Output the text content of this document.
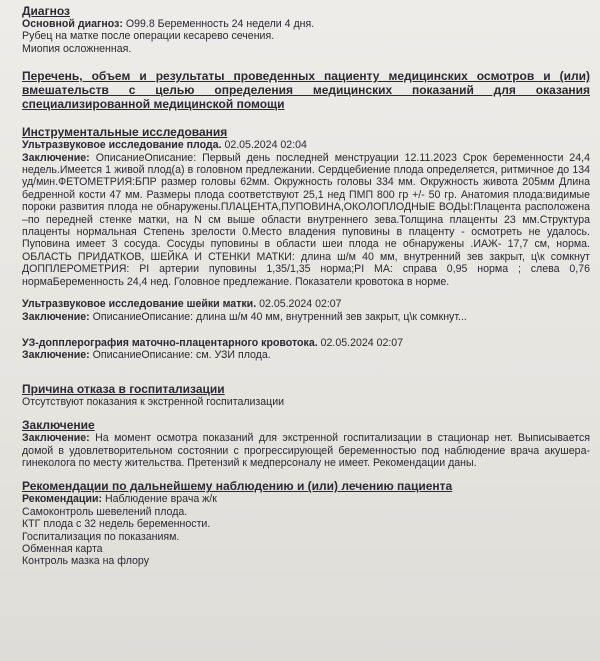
Диагноз
Основной диагноз: O99.8 Беременность 24 недели 4 дня.
Рубец на матке после операции кесарево сечения.
Миопия осложненная.
Перечень, объем и результаты проведенных пациенту медицинских осмотров и (или) вмешательств с целью определения медицинских показаний для оказания специализированной медицинской помощи
Инструментальные исследования
Ультразвуковое исследование плода. 02.05.2024 02:04
Заключение: ОписаниеОписание: Первый день последней менструации 12.11.2023 Срок беременности 24,4 недель.Имеется 1 живой плод(а) в головном предлежании. Сердцебиение плода определяется, ритмичное до 134 уд/мин.ФЕТОМЕТРИЯ:БПР размер головы 62мм. Окружность головы 334 мм. Окружность живота 205мм Длина бедренной кости 47 мм. Размеры плода соответствуют 25,1 нед ПМП 800 гр +/- 50 гр. Анатомия плода:видимые пороки развития плода не обнаружены.ПЛАЦЕНТА,ПУПОВИНА,ОКОЛОПЛОДНЫЕ ВОДЫ:Плацента расположена –по передней стенке матки, на N см выше области внутреннего зева.Толщина плаценты 23 мм.Структура плаценты нормальная Степень зрелости 0.Место владения пуповины в плаценту - осмотреть не удалось. Пуповина имеет 3 сосуда. Сосуды пуповины в области шеи плода не обнаружены .ИАЖ- 17,7 см, норма. ОБЛАСТЬ ПРИДАТКОВ, ШЕЙКА И СТЕНКИ МАТКИ: длина ш/м 40 мм, внутренний зев закрыт, ц\к сомкнут ДОППЛЕРОМЕТРИЯ: PI артерии пуповины 1,35/1,35 норма;PI MA: справа 0,95 норма ; слева 0,76 нормаБеременность 24,4 нед. Головное предлежание. Показатели кровотока в норме.
Ультразвуковое исследование шейки матки. 02.05.2024 02:07
Заключение: ОписаниеОписание: длина ш/м 40 мм, внутренний зев закрыт, ц\к сомкнут...
УЗ-допплерография маточно-плацентарного кровотока. 02.05.2024 02:07
Заключение: ОписаниеОписание: см. УЗИ плода.
Причина отказа в госпитализации
Отсутствуют показания к экстренной госпитализации
Заключение
Заключение: На момент осмотра показаний для экстренной госпитализации в стационар нет. Выписывается домой в удовлетворительном состоянии с прогрессирующей беременностью под наблюдение врача акушера- гинеколога по месту жительства. Претензий к медперсоналу не имеет. Рекомендации даны.
Рекомендации по дальнейшему наблюдению и (или) лечению пациента
Рекомендации: Наблюдение врача ж/к
Самоконтроль шевелений плода.
КТГ плода с 32 недель беременности.
Госпитализация по показаниям.
Обменная карта
Контроль мазка на флору
